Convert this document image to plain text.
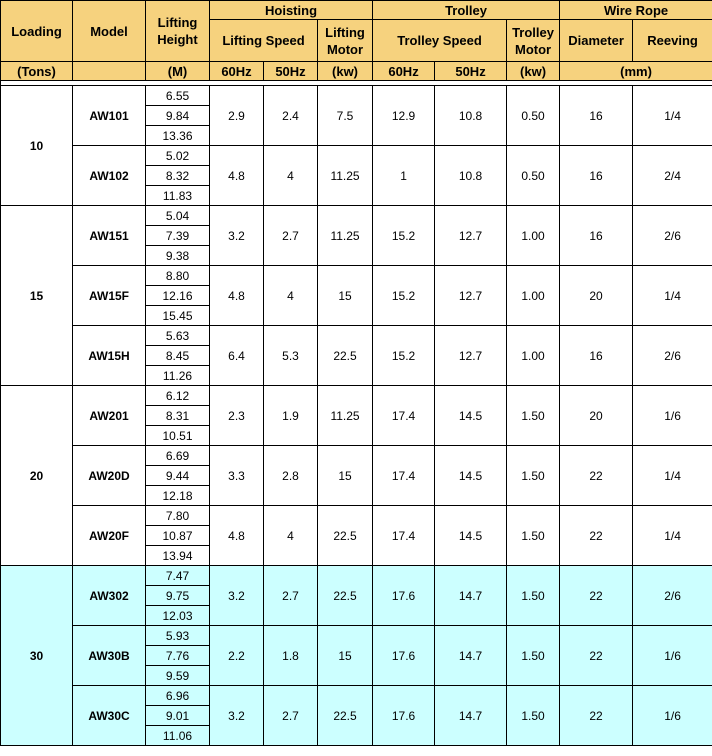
Loading	Model	Lifting Height	Hoisting			Trolley			Wire Rope	
			Lifting Speed		Lifting Motor	Trolley Speed		Trolley Motor	Diameter	Reeving
(Tons)		(M)	60Hz	50Hz	(kw)	60Hz	50Hz	(kw)	(mm)	

10	AW101	6.55	2.9	2.4	7.5	12.9	10.8	0.50	16	1/4
		9.84								
		13.36								
	AW102	5.02	4.8	4	11.25	1	10.8	0.50	16	2/4
		8.32								
		11.83								
15	AW151	5.04	3.2	2.7	11.25	15.2	12.7	1.00	16	2/6
		7.39								
		9.38								
	AW15F	8.80	4.8	4	15	15.2	12.7	1.00	20	1/4
		12.16								
		15.45								
	AW15H	5.63	6.4	5.3	22.5	15.2	12.7	1.00	16	2/6
		8.45								
		11.26								
20	AW201	6.12	2.3	1.9	11.25	17.4	14.5	1.50	20	1/6
		8.31								
		10.51								
	AW20D	6.69	3.3	2.8	15	17.4	14.5	1.50	22	1/4
		9.44								
		12.18								
	AW20F	7.80	4.8	4	22.5	17.4	14.5	1.50	22	1/4
		10.87								
		13.94								
30	AW302	7.47	3.2	2.7	22.5	17.6	14.7	1.50	22	2/6
		9.75								
		12.03								
	AW30B	5.93	2.2	1.8	15	17.6	14.7	1.50	22	1/6
		7.76								
		9.59								
	AW30C	6.96	3.2	2.7	22.5	17.6	14.7	1.50	22	1/6
		9.01								
		11.06								
